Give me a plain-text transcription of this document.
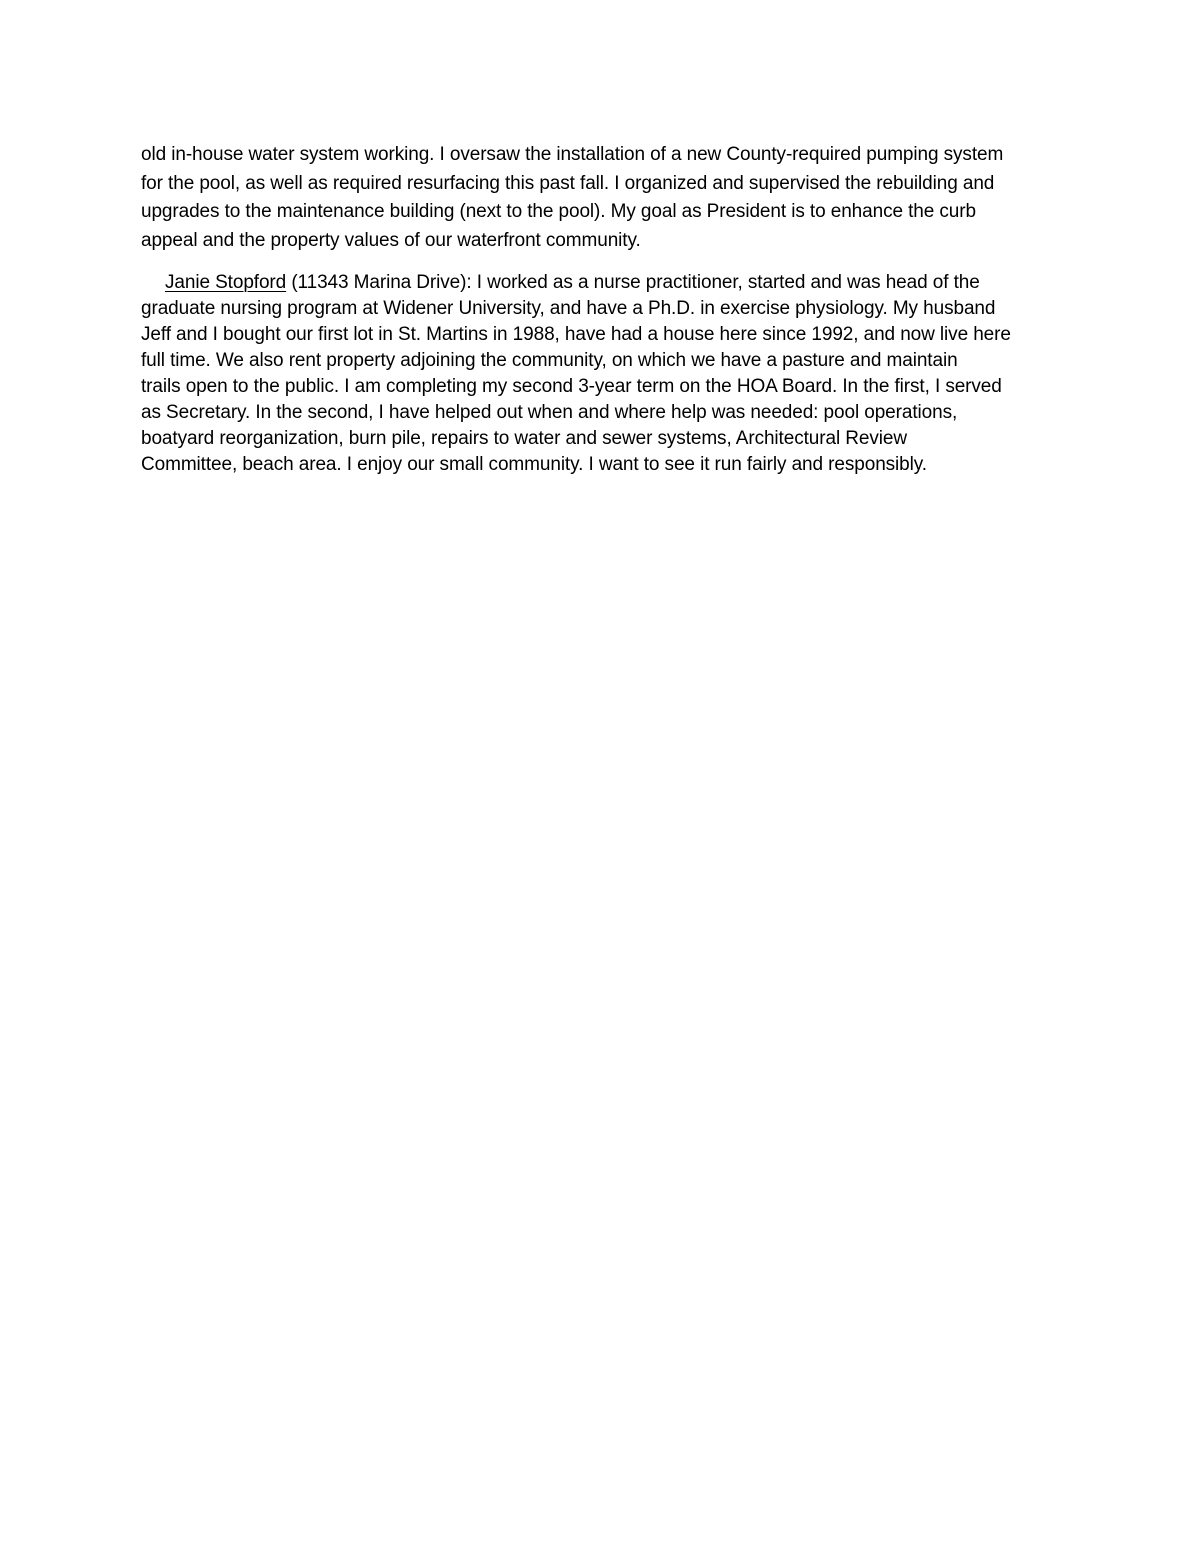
old in-house water system working. I oversaw the installation of a new County-required pumping system
for the pool, as well as required resurfacing this past fall. I organized and supervised the rebuilding and
upgrades to the maintenance building (next to the pool). My goal as President is to enhance the curb
appeal and the property values of our waterfront community.
Janie Stopford (11343 Marina Drive): I worked as a nurse practitioner, started and was head of the
graduate nursing program at Widener University, and have a Ph.D. in exercise physiology. My husband
Jeff and I bought our first lot in St. Martins in 1988, have had a house here since 1992, and now live here
full time. We also rent property adjoining the community, on which we have a pasture and maintain
trails open to the public. I am completing my second 3-year term on the HOA Board. In the first, I served
as Secretary. In the second, I have helped out when and where help was needed: pool operations,
boatyard reorganization, burn pile, repairs to water and sewer systems, Architectural Review
Committee, beach area. I enjoy our small community. I want to see it run fairly and responsibly.
